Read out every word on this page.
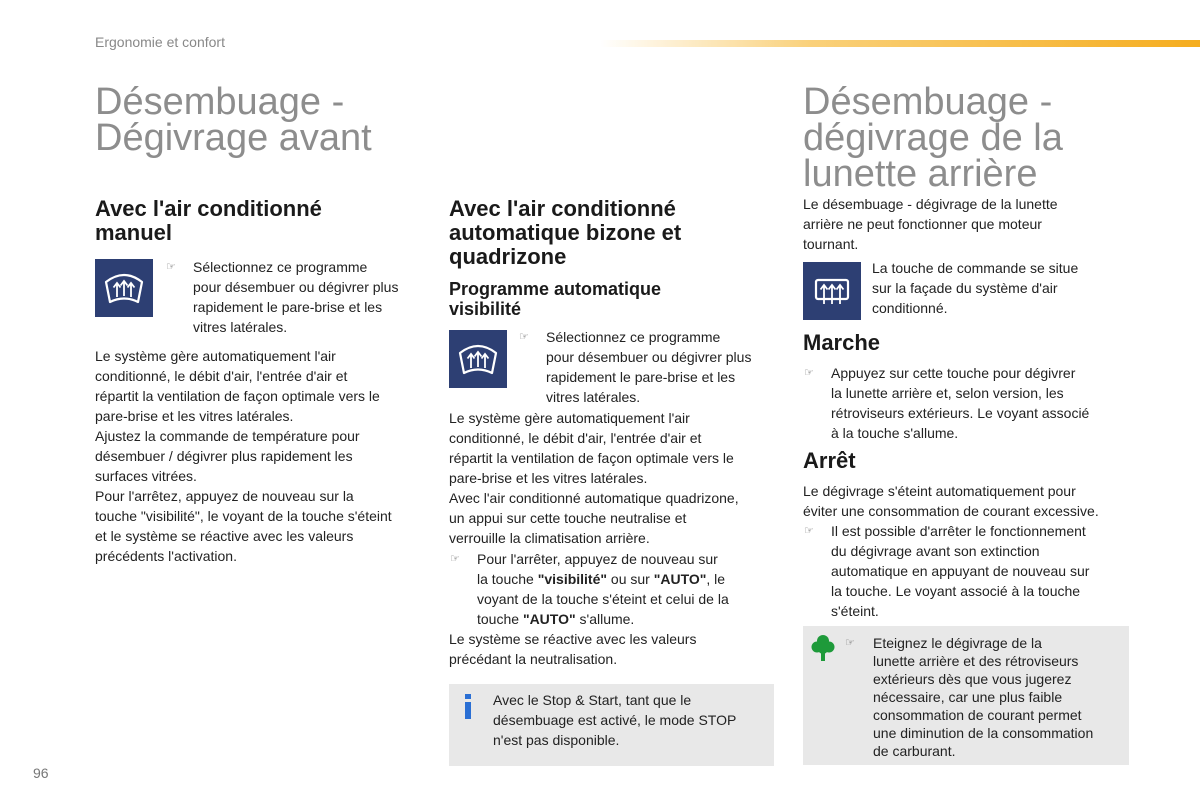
Ergonomie et confort
Désembuage -
Dégivrage avant
Avec l'air conditionné
manuel
☞ Sélectionnez ce programme
pour désembuer ou dégivrer plus
rapidement le pare-brise et les
vitres latérales.
Le système gère automatiquement l'air
conditionné, le débit d'air, l'entrée d'air et
répartit la ventilation de façon optimale vers le
pare-brise et les vitres latérales.
Ajustez la commande de température pour
désembuer / dégivrer plus rapidement les
surfaces vitrées.
Pour l'arrêtez, appuyez de nouveau sur la
touche "visibilité", le voyant de la touche s'éteint
et le système se réactive avec les valeurs
précédents l'activation.
Avec l'air conditionné
automatique bizone et
quadrizone
Programme automatique
visibilité
☞ Sélectionnez ce programme
pour désembuer ou dégivrer plus
rapidement le pare-brise et les
vitres latérales.
Le système gère automatiquement l'air
conditionné, le débit d'air, l'entrée d'air et
répartit la ventilation de façon optimale vers le
pare-brise et les vitres latérales.
Avec l'air conditionné automatique quadrizone,
un appui sur cette touche neutralise et
verrouille la climatisation arrière.
☞ Pour l'arrêter, appuyez de nouveau sur
la touche "visibilité" ou sur "AUTO", le
voyant de la touche s'éteint et celui de la
touche "AUTO" s'allume.
Le système se réactive avec les valeurs
précédant la neutralisation.
Avec le Stop & Start, tant que le
désembuage est activé, le mode STOP
n'est pas disponible.
Désembuage -
dégivrage de la
lunette arrière
Le désembuage - dégivrage de la lunette
arrière ne peut fonctionner que moteur
tournant.
La touche de commande se situe
sur la façade du système d'air
conditionné.
Marche
☞ Appuyez sur cette touche pour dégivrer
la lunette arrière et, selon version, les
rétroviseurs extérieurs. Le voyant associé
à la touche s'allume.
Arrêt
Le dégivrage s'éteint automatiquement pour
éviter une consommation de courant excessive.
☞ Il est possible d'arrêter le fonctionnement
du dégivrage avant son extinction
automatique en appuyant de nouveau sur
la touche. Le voyant associé à la touche
s'éteint.
☞ Eteignez le dégivrage de la
lunette arrière et des rétroviseurs
extérieurs dès que vous jugerez
nécessaire, car une plus faible
consommation de courant permet
une diminution de la consommation
de carburant.
96
